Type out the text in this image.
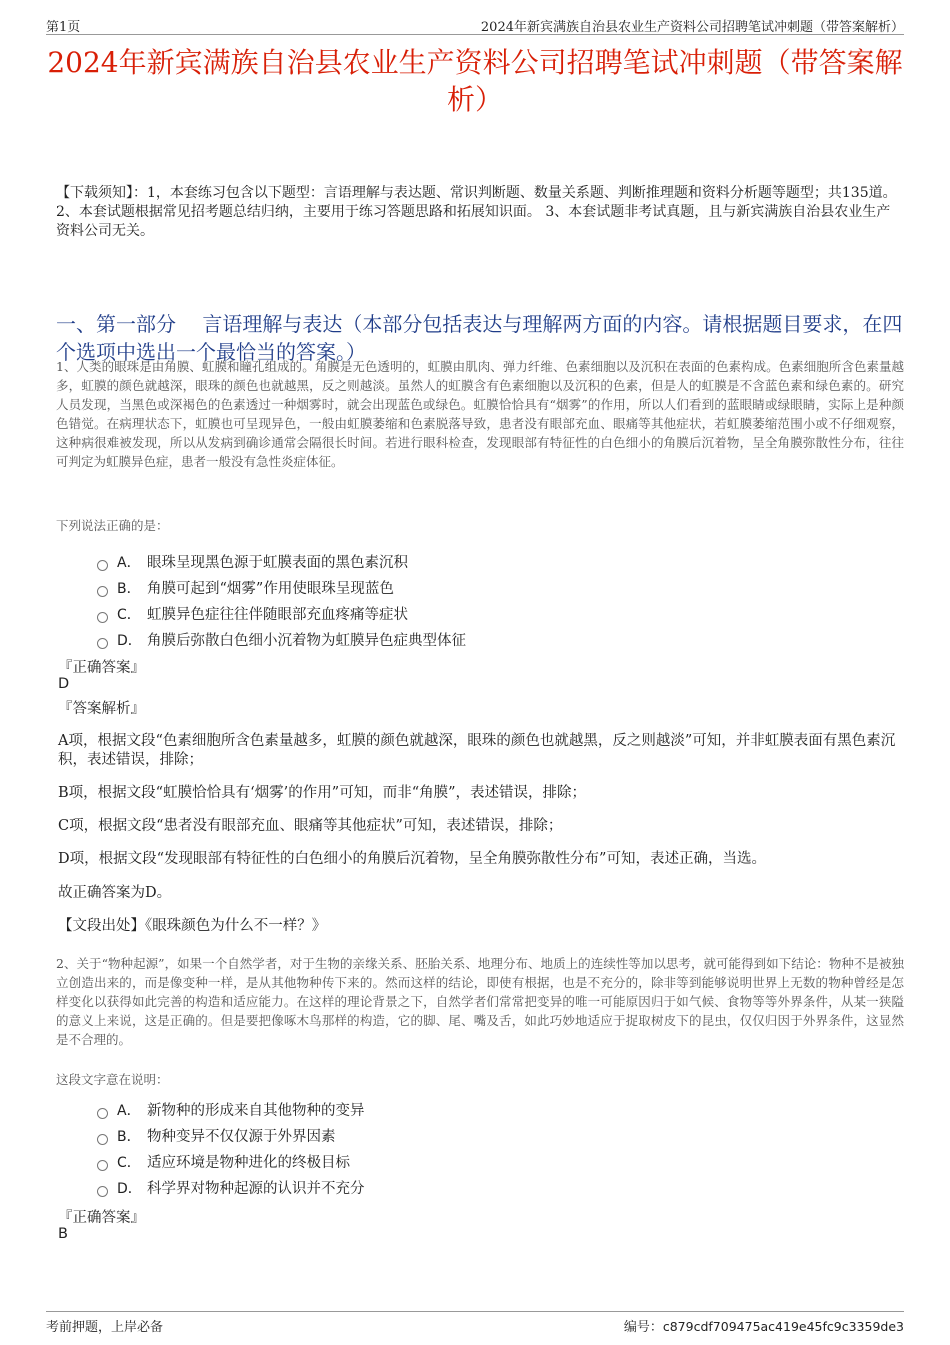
第1页	2024年新宾满族自治县农业生产资料公司招聘笔试冲刺题（带答案解析）
2024年新宾满族自治县农业生产资料公司招聘笔试冲刺题（带答案解析）

【下载须知】：1，本套练习包含以下题型：言语理解与表达题、常识判断题、数量关系题、判断推理题和资料分析题等题型；共135道。 2、本套试题根据常见招考题总结归纳，主要用于练习答题思路和拓展知识面。 3、本套试题非考试真题，且与新宾满族自治县农业生产资料公司无关。

一、第一部分　 言语理解与表达（本部分包括表达与理解两方面的内容。请根据题目要求，在四个选项中选出一个最恰当的答案。）

1、人类的眼珠是由角膜、虹膜和瞳孔组成的。角膜是无色透明的，虹膜由肌肉、弹力纤维、色素细胞以及沉积在表面的色素构成。色素细胞所含色素量越多，虹膜的颜色就越深，眼珠的颜色也就越黑，反之则越淡。虽然人的虹膜含有色素细胞以及沉积的色素，但是人的虹膜是不含蓝色素和绿色素的。研究人员发现，当黑色或深褐色的色素透过一种烟雾时，就会出现蓝色或绿色。虹膜恰恰具有“烟雾”的作用，所以人们看到的蓝眼睛或绿眼睛，实际上是种颜色错觉。在病理状态下，虹膜也可呈现异色，一般由虹膜萎缩和色素脱落导致，患者没有眼部充血、眼痛等其他症状，若虹膜萎缩范围小或不仔细观察，这种病很难被发现，所以从发病到确诊通常会隔很长时间。若进行眼科检查，发现眼部有特征性的白色细小的角膜后沉着物，呈全角膜弥散性分布，往往可判定为虹膜异色症，患者一般没有急性炎症体征。

下列说法正确的是：

A． 眼珠呈现黑色源于虹膜表面的黑色素沉积
B． 角膜可起到“烟雾”作用使眼珠呈现蓝色
C． 虹膜异色症往往伴随眼部充血疼痛等症状
D． 角膜后弥散白色细小沉着物为虹膜异色症典型体征

『正确答案』

D

『答案解析』

A项，根据文段“色素细胞所含色素量越多，虹膜的颜色就越深，眼珠的颜色也就越黑，反之则越淡”可知，并非虹膜表面有黑色素沉积，表述错误，排除；

B项，根据文段“虹膜恰恰具有‘烟雾’的作用”可知，而非“角膜”，表述错误，排除；

C项，根据文段“患者没有眼部充血、眼痛等其他症状”可知，表述错误，排除；

D项，根据文段“发现眼部有特征性的白色细小的角膜后沉着物，呈全角膜弥散性分布”可知，表述正确，当选。

故正确答案为D。

【文段出处】《眼珠颜色为什么不一样？》

2、关于“物种起源”，如果一个自然学者，对于生物的亲缘关系、胚胎关系、地理分布、地质上的连续性等加以思考，就可能得到如下结论：物种不是被独立创造出来的，而是像变种一样，是从其他物种传下来的。然而这样的结论，即使有根据，也是不充分的，除非等到能够说明世界上无数的物种曾经是怎样变化以获得如此完善的构造和适应能力。在这样的理论背景之下，自然学者们常常把变异的唯一可能原因归于如气候、食物等等外界条件，从某一狭隘的意义上来说，这是正确的。但是要把像啄木鸟那样的构造，它的脚、尾、嘴及舌，如此巧妙地适应于捉取树皮下的昆虫，仅仅归因于外界条件，这显然是不合理的。

这段文字意在说明：

A． 新物种的形成来自其他物种的变异
B． 物种变异不仅仅源于外界因素
C． 适应环境是物种进化的终极目标
D． 科学界对物种起源的认识并不充分

『正确答案』

B

考前押题，上岸必备	编号：c879cdf709475ac419e45fc9c3359de3
